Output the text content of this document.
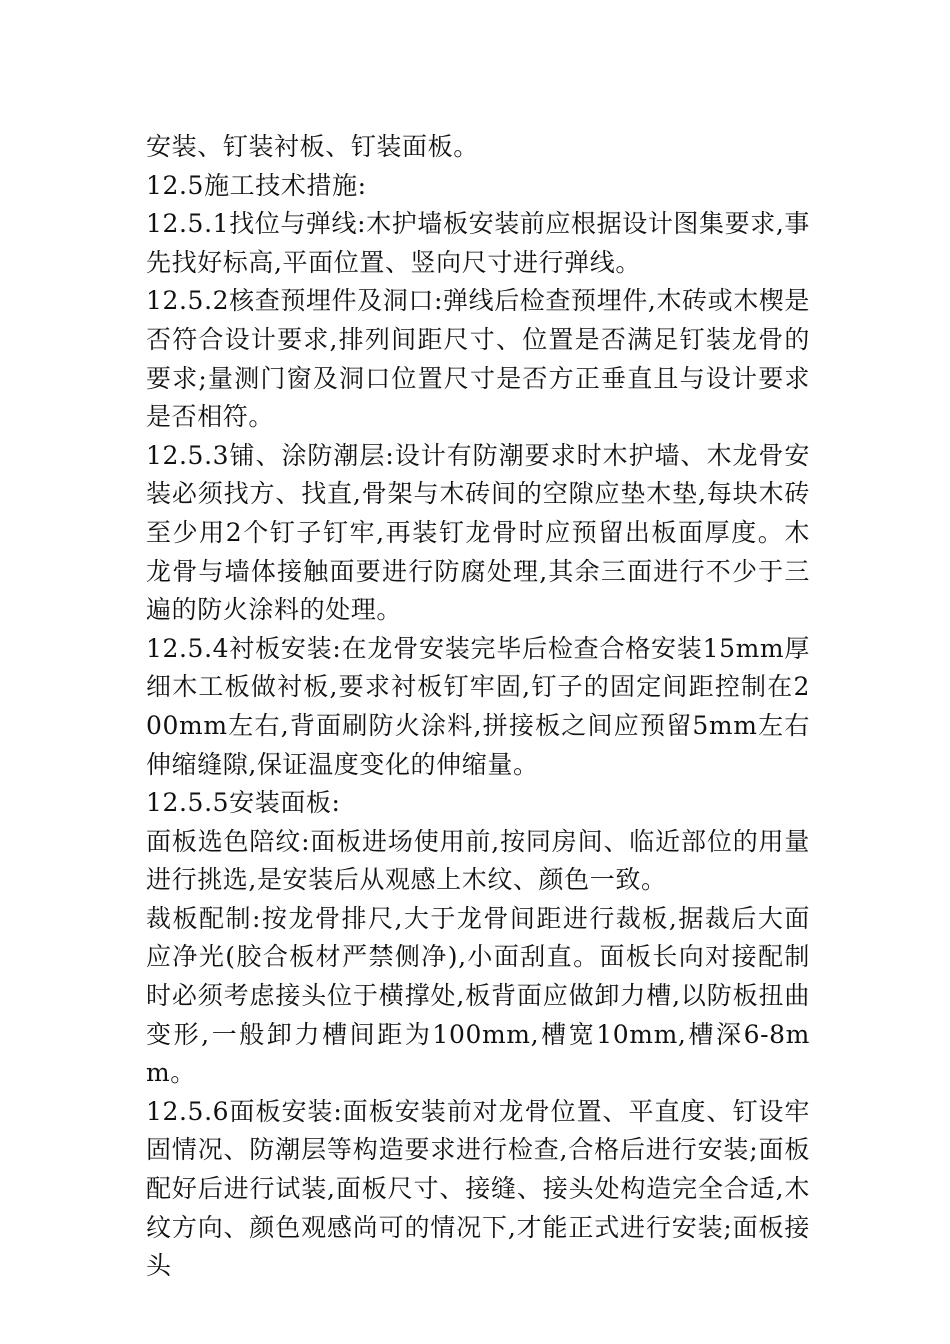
安装、钉装衬板、钉装面板。

12.5施工技术措施:

12.5.1找位与弹线:木护墙板安装前应根据设计图集要求,事先找好标高,平面位置、竖向尺寸进行弹线。

12.5.2核查预埋件及洞口:弹线后检查预埋件,木砖或木楔是否符合设计要求,排列间距尺寸、位置是否满足钉装龙骨的要求;量测门窗及洞口位置尺寸是否方正垂直且与设计要求是否相符。

12.5.3铺、涂防潮层:设计有防潮要求时木护墙、木龙骨安装必须找方、找直,骨架与木砖间的空隙应垫木垫,每块木砖至少用2个钉子钉牢,再装钉龙骨时应预留出板面厚度。木龙骨与墙体接触面要进行防腐处理,其余三面进行不少于三遍的防火涂料的处理。

12.5.4衬板安装:在龙骨安装完毕后检查合格安装15mm厚细木工板做衬板,要求衬板钉牢固,钉子的固定间距控制在200mm左右,背面刷防火涂料,拼接板之间应预留5mm左右伸缩缝隙,保证温度变化的伸缩量。

12.5.5安装面板:

面板选色陪纹:面板进场使用前,按同房间、临近部位的用量进行挑选,是安装后从观感上木纹、颜色一致。

裁板配制:按龙骨排尺,大于龙骨间距进行裁板,据裁后大面应净光(胶合板材严禁侧净),小面刮直。面板长向对接配制时必须考虑接头位于横撑处,板背面应做卸力槽,以防板扭曲变形,一般卸力槽间距为100mm,槽宽10mm,槽深6-8mm。

12.5.6面板安装:面板安装前对龙骨位置、平直度、钉设牢固情况、防潮层等构造要求进行检查,合格后进行安装;面板配好后进行试装,面板尺寸、接缝、接头处构造完全合适,木纹方向、颜色观感尚可的情况下,才能正式进行安装;面板接头
